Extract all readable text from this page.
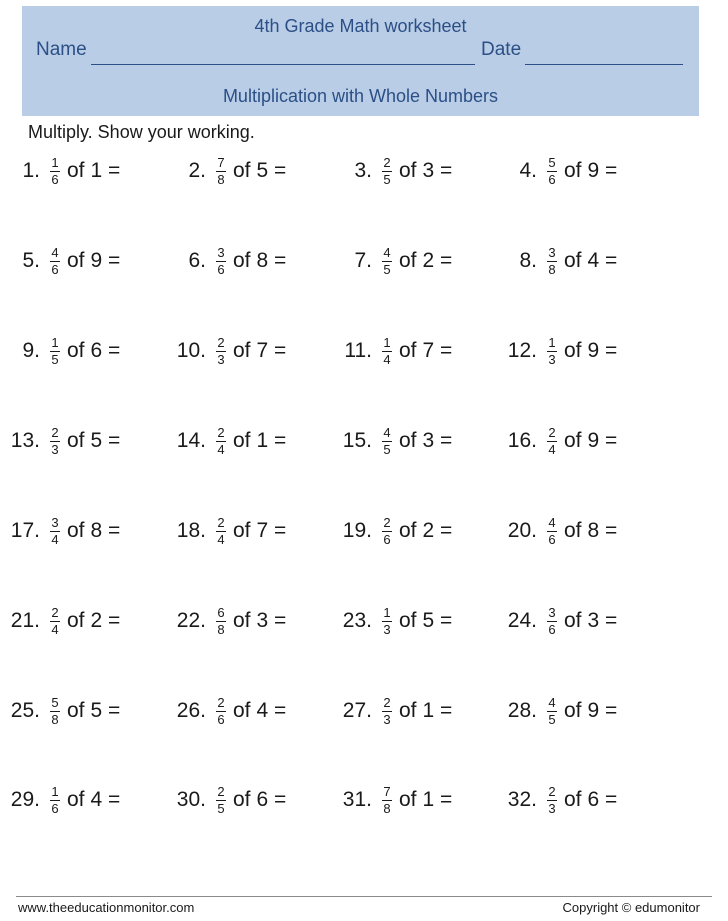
4th Grade Math worksheet
Name	Date
Multiplication with Whole Numbers
Multiply. Show your working.
1. $\frac{1}{6}$ of 1 =	2. $\frac{7}{8}$ of 5 =	3. $\frac{2}{5}$ of 3 =	4. $\frac{5}{6}$ of 9 =
5. $\frac{4}{6}$ of 9 =	6. $\frac{3}{6}$ of 8 =	7. $\frac{4}{5}$ of 2 =	8. $\frac{3}{8}$ of 4 =
9. $\frac{1}{5}$ of 6 =	10. $\frac{2}{3}$ of 7 =	11. $\frac{1}{4}$ of 7 =	12. $\frac{1}{3}$ of 9 =
13. $\frac{2}{3}$ of 5 =	14. $\frac{2}{4}$ of 1 =	15. $\frac{4}{5}$ of 3 =	16. $\frac{2}{4}$ of 9 =
17. $\frac{3}{4}$ of 8 =	18. $\frac{2}{4}$ of 7 =	19. $\frac{2}{6}$ of 2 =	20. $\frac{4}{6}$ of 8 =
21. $\frac{2}{4}$ of 2 =	22. $\frac{6}{8}$ of 3 =	23. $\frac{1}{3}$ of 5 =	24. $\frac{3}{6}$ of 3 =
25. $\frac{5}{8}$ of 5 =	26. $\frac{2}{6}$ of 4 =	27. $\frac{2}{3}$ of 1 =	28. $\frac{4}{5}$ of 9 =
29. $\frac{1}{6}$ of 4 =	30. $\frac{2}{5}$ of 6 =	31. $\frac{7}{8}$ of 1 =	32. $\frac{2}{3}$ of 6 =
www.theeducationmonitor.com	Copyright © edumonitor
